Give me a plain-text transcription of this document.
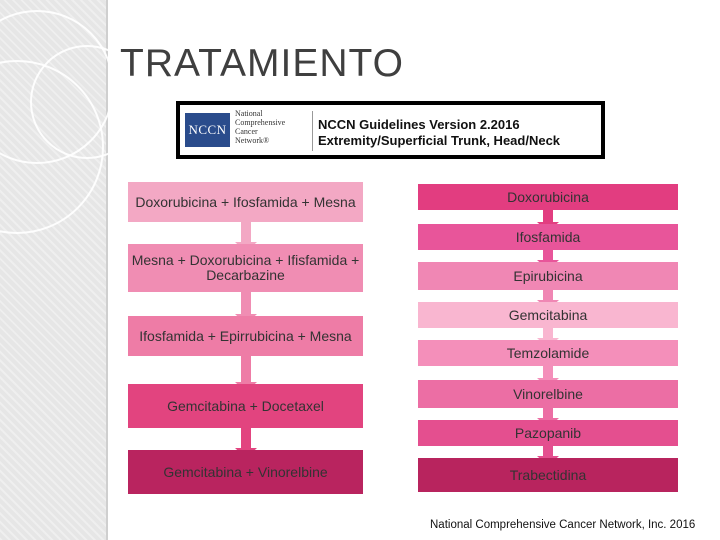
TRATAMIENTO
NCCN
National
Comprehensive
Cancer
Network®
NCCN Guidelines Version 2.2016
Extremity/Superficial Trunk, Head/Neck
Doxorubicina + Ifosfamida + Mesna
Mesna + Doxorubicina + Ifisfamida + Decarbazine
Ifosfamida + Epirrubicina + Mesna
Gemcitabina + Docetaxel
Gemcitabina + Vinorelbine
Doxorubicina
Ifosfamida
Epirubicina
Gemcitabina
Temzolamide
Vinorelbine
Pazopanib
Trabectidina
National Comprehensive Cancer Network, Inc. 2016
